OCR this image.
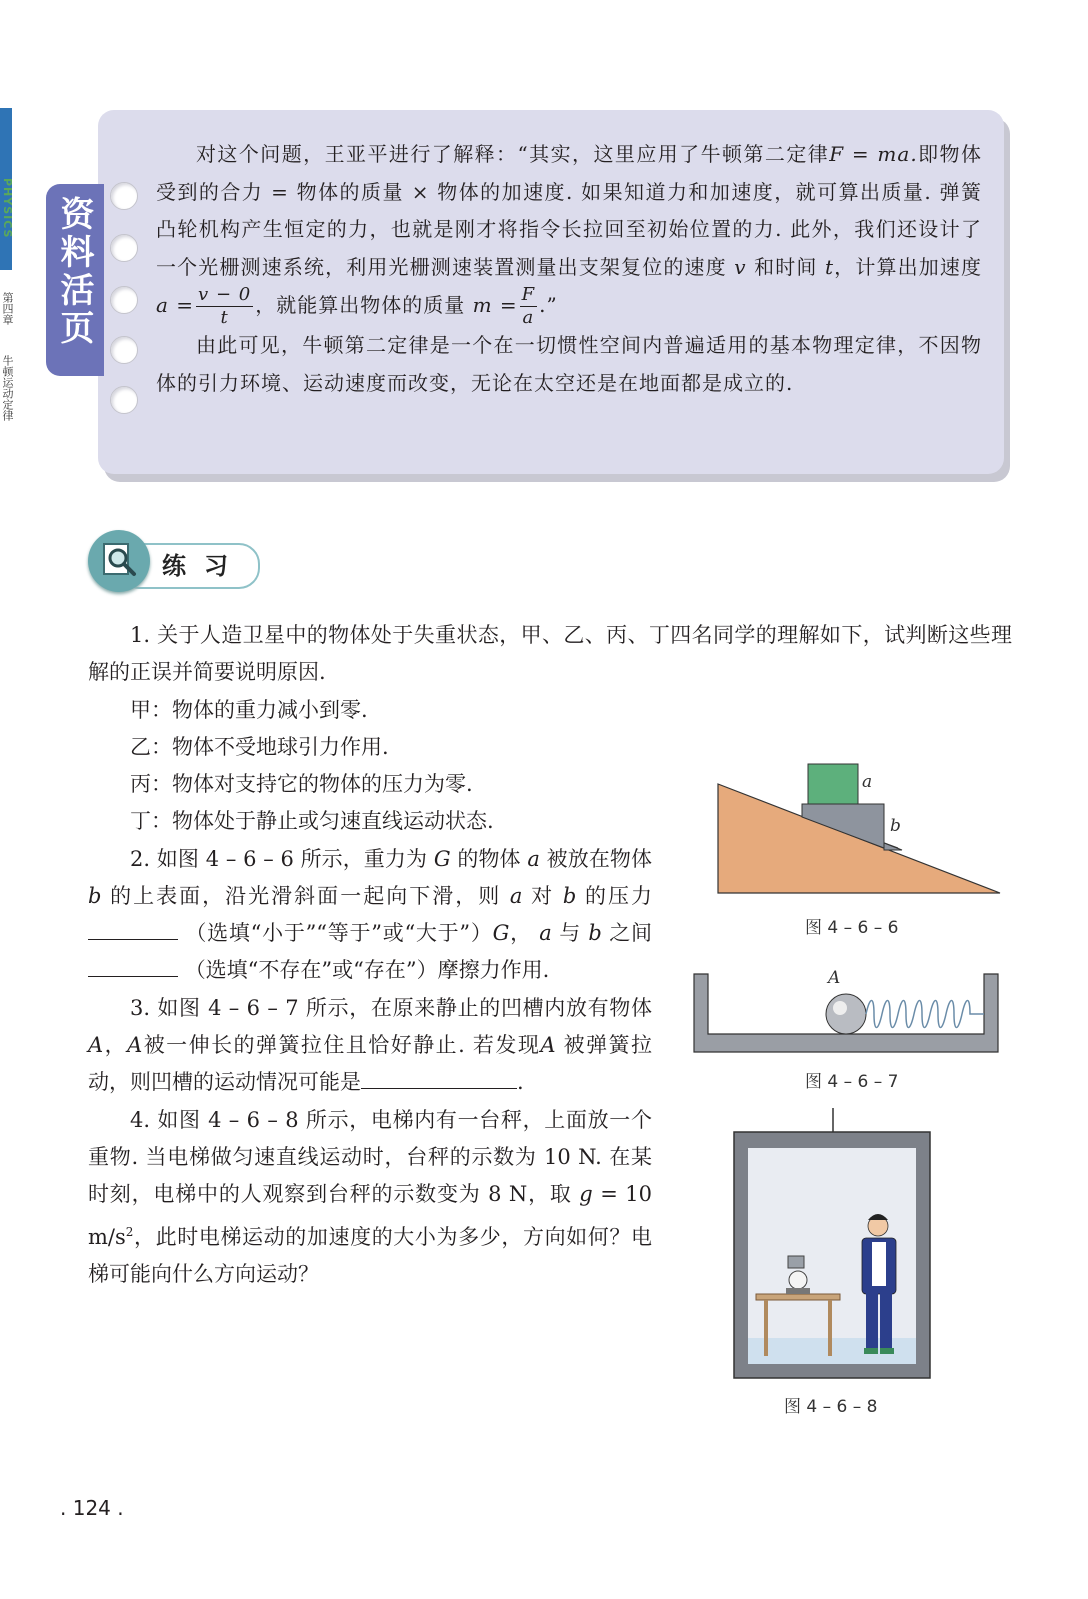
PHYSICS
第四章
牛顿运动定律
资料活页

对这个问题，王亚平进行了解释：“其实，这里应用了牛顿第二定律F = ma.即物体受到的合力 = 物体的质量 × 物体的加速度. 如果知道力和加速度，就可算出质量. 弹簧凸轮机构产生恒定的力，也就是刚才将指令长拉回至初始位置的力. 此外，我们还设计了一个光栅测速系统，利用光栅测速装置测量出支架复位的速度 v 和时间 t，计算出加速度$a = \frac{v - 0}{t}$ ，就能算出物体的质量 $m = \frac{F}{a}$ .”

由此可见，牛顿第二定律是一个在一切惯性空间内普遍适用的基本物理定律，不因物体的引力环境、运动速度而改变，无论在太空还是在地面都是成立的.

练习

1. 关于人造卫星中的物体处于失重状态，甲、乙、丙、丁四名同学的理解如下，试判断这些理解的正误并简要说明原因.

甲：物体的重力减小到零.

乙：物体不受地球引力作用.

丙：物体对支持它的物体的压力为零.

丁：物体处于静止或匀速直线运动状态.

2. 如图 4 – 6 – 6 所示，重力为 G 的物体 a 被放在物体 b 的上表面，沿光滑斜面一起向下滑，则 a 对 b 的压力 （选填“小于”“等于”或“大于”）G， a 与 b 之间 （选填“不存在”或“存在”）摩擦力作用.

3. 如图 4 – 6 – 7 所示，在原来静止的凹槽内放有物体A，A被一伸长的弹簧拉住且恰好静止. 若发现A 被弹簧拉动，则凹槽的运动情况可能是	.

4. 如图 4 – 6 – 8 所示，电梯内有一台秤，上面放一个重物. 当电梯做匀速直线运动时，台秤的示数为 10 N. 在某时刻，电梯中的人观察到台秤的示数变为 8 N，取 g = 10 $m/s^2$，此时电梯运动的加速度的大小为多少，方向如何？电梯可能向什么方向运动？

a
b
图 4 – 6 – 6
A
图 4 – 6 – 7
图 4 – 6 – 8
. 124 .
